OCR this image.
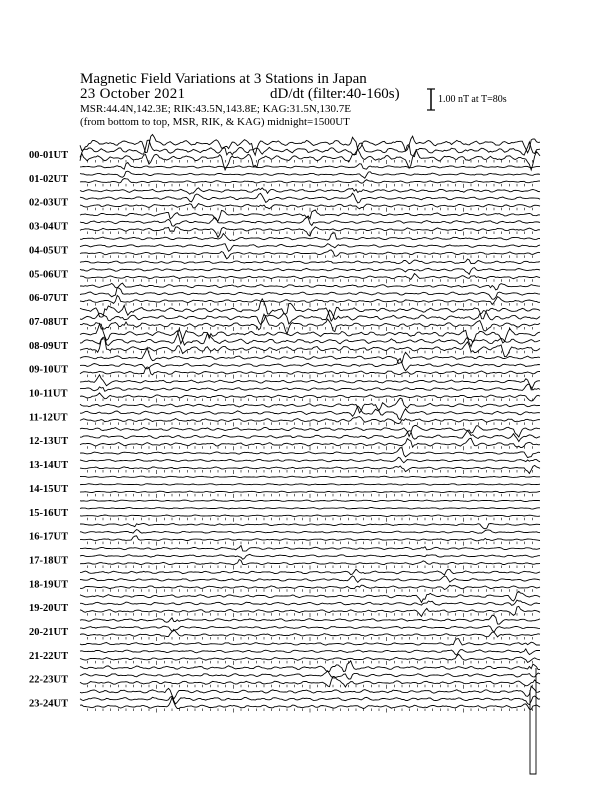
Magnetic Field Variations at 3 Stations in Japan
23 October 2021	dD/dt (filter:40-160s)
MSR:44.4N,142.3E; RIK:43.5N,143.8E; KAG:31.5N,130.7E
(from bottom to top, MSR, RIK, & KAG) midnight=1500UT
1.00 nT at T=80s
00-01UT
01-02UT
02-03UT
03-04UT
04-05UT
05-06UT
06-07UT
07-08UT
08-09UT
09-10UT
10-11UT
11-12UT
12-13UT
13-14UT
14-15UT
15-16UT
16-17UT
17-18UT
18-19UT
19-20UT
20-21UT
21-22UT
22-23UT
23-24UT
